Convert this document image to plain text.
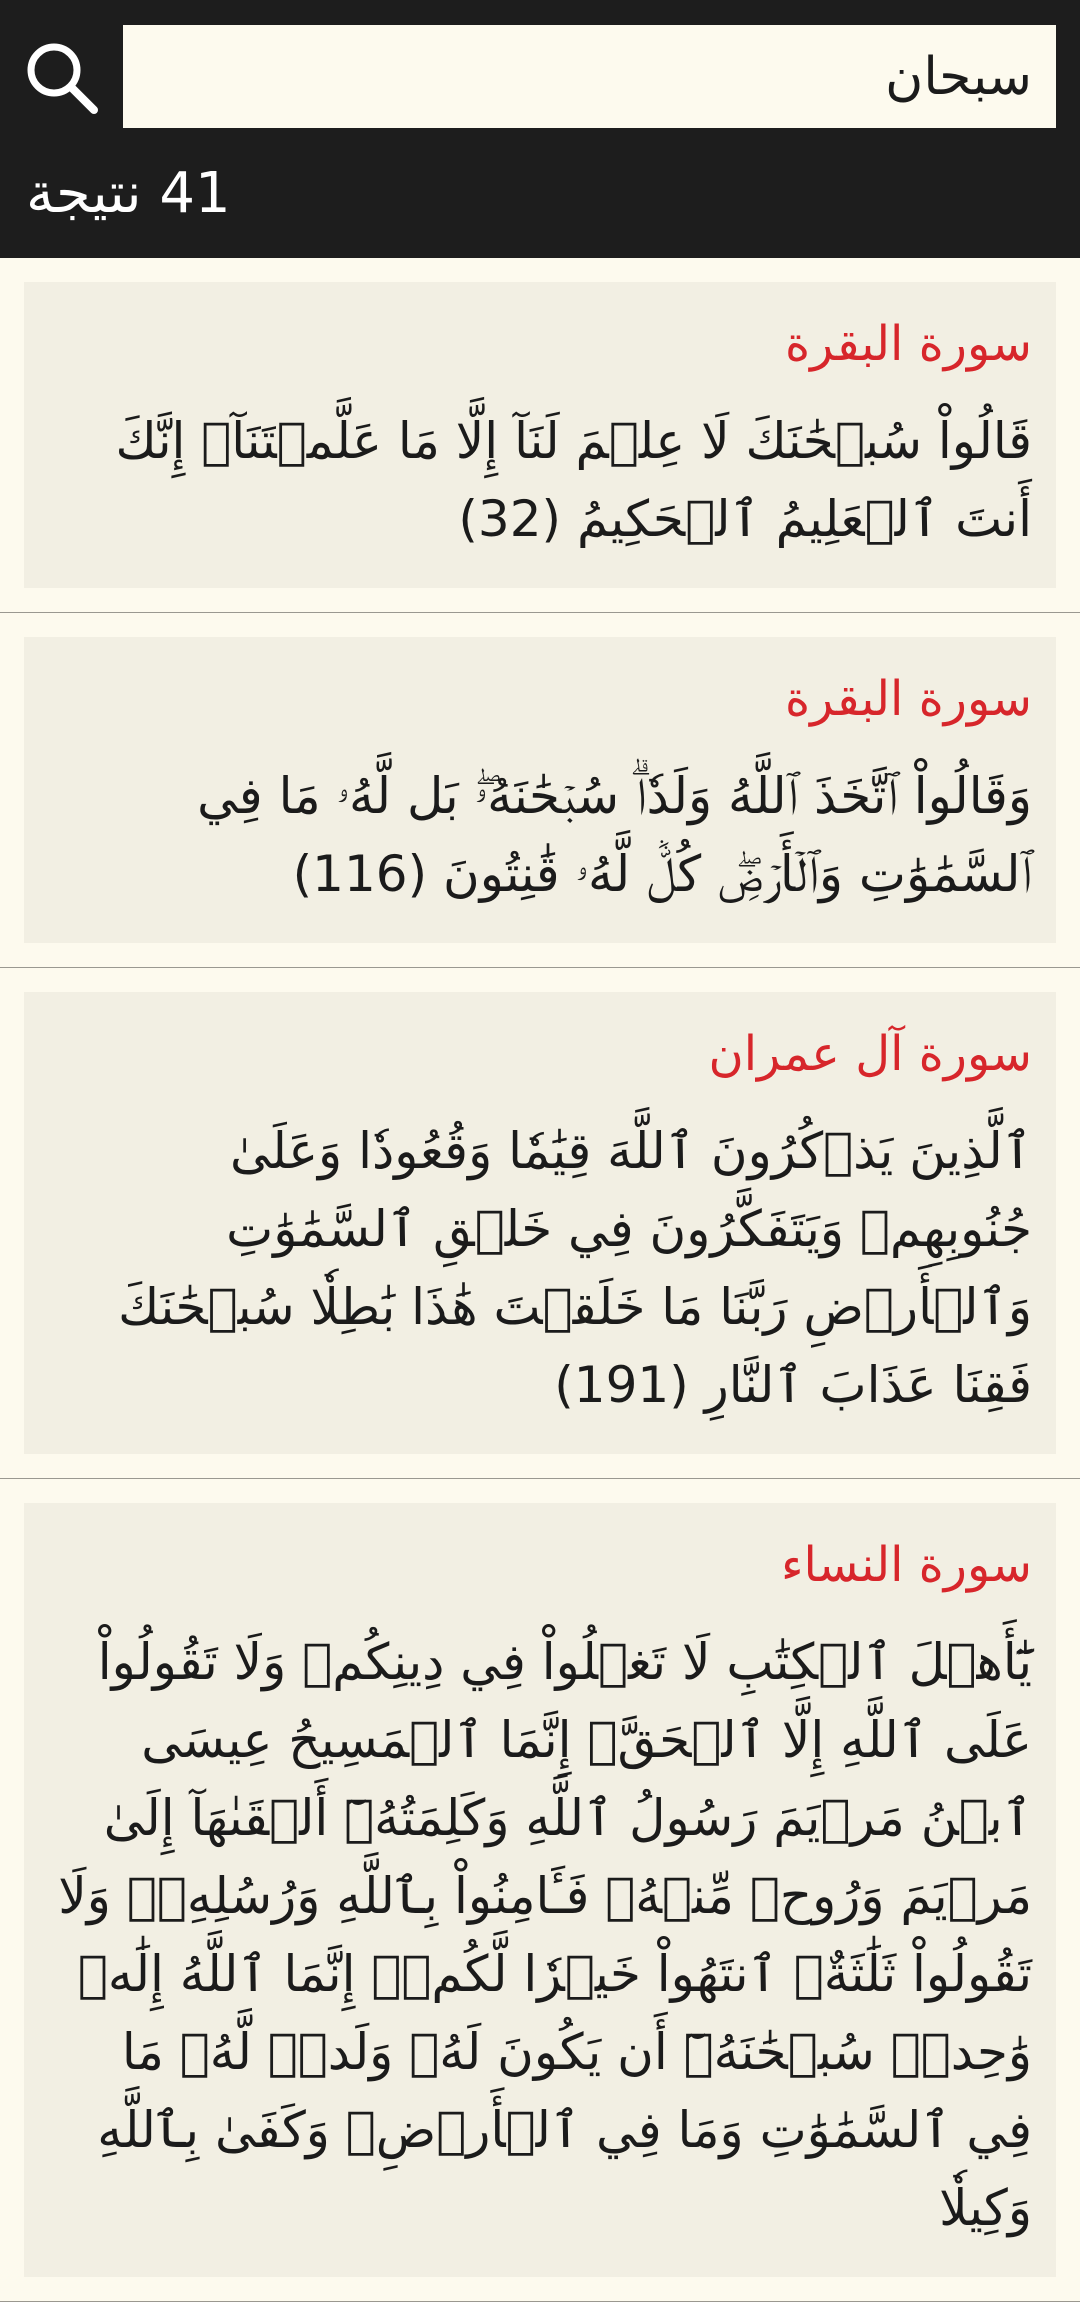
سبحان
41 نتيجة
سورة البقرة
قَالُواْ سُبۡحَٰنَكَ لَا عِلۡمَ لَنَآ إِلَّا مَا عَلَّمۡتَنَآۖ إِنَّكَ أَنتَ ٱلۡعَلِيمُ ٱلۡحَكِيمُ (32)
سورة البقرة
وَقَالُواْ ٱتَّخَذَ ٱللَّهُ وَلَدٗاۗ سُبۡحَٰنَهُۥۖ بَل لَّهُۥ مَا فِي ٱلسَّمَٰوَٰتِ وَٱلۡأَرۡضِۖ كُلّٞ لَّهُۥ قَٰنِتُونَ (116)
سورة آل عمران
ٱلَّذِينَ يَذۡكُرُونَ ٱللَّهَ قِيَٰمٗا وَقُعُودٗا وَعَلَىٰ جُنُوبِهِمۡ وَيَتَفَكَّرُونَ فِي خَلۡقِ ٱلسَّمَٰوَٰتِ وَٱلۡأَرۡضِ رَبَّنَا مَا خَلَقۡتَ هَٰذَا بَٰطِلٗا سُبۡحَٰنَكَ فَقِنَا عَذَابَ ٱلنَّارِ (191)
سورة النساء
يَٰٓأَهۡلَ ٱلۡكِتَٰبِ لَا تَغۡلُواْ فِي دِينِكُمۡ وَلَا تَقُولُواْ عَلَى ٱللَّهِ إِلَّا ٱلۡحَقَّۚ إِنَّمَا ٱلۡمَسِيحُ عِيسَى ٱبۡنُ مَرۡيَمَ رَسُولُ ٱللَّهِ وَكَلِمَتُهُۥٓ أَلۡقَىٰهَآ إِلَىٰ مَرۡيَمَ وَرُوحٞ مِّنۡهُۖ فَـَٔامِنُواْ بِٱللَّهِ وَرُسُلِهِۦۖ وَلَا تَقُولُواْ ثَلَٰثَةٌۚ ٱنتَهُواْ خَيۡرٗا لَّكُمۡۚ إِنَّمَا ٱللَّهُ إِلَٰهٞ وَٰحِدٞۖ سُبۡحَٰنَهُۥٓ أَن يَكُونَ لَهُۥ وَلَدٞۘ لَّهُۥ مَا فِي ٱلسَّمَٰوَٰتِ وَمَا فِي ٱلۡأَرۡضِۗ وَكَفَىٰ بِٱللَّهِ وَكِيلٗا
